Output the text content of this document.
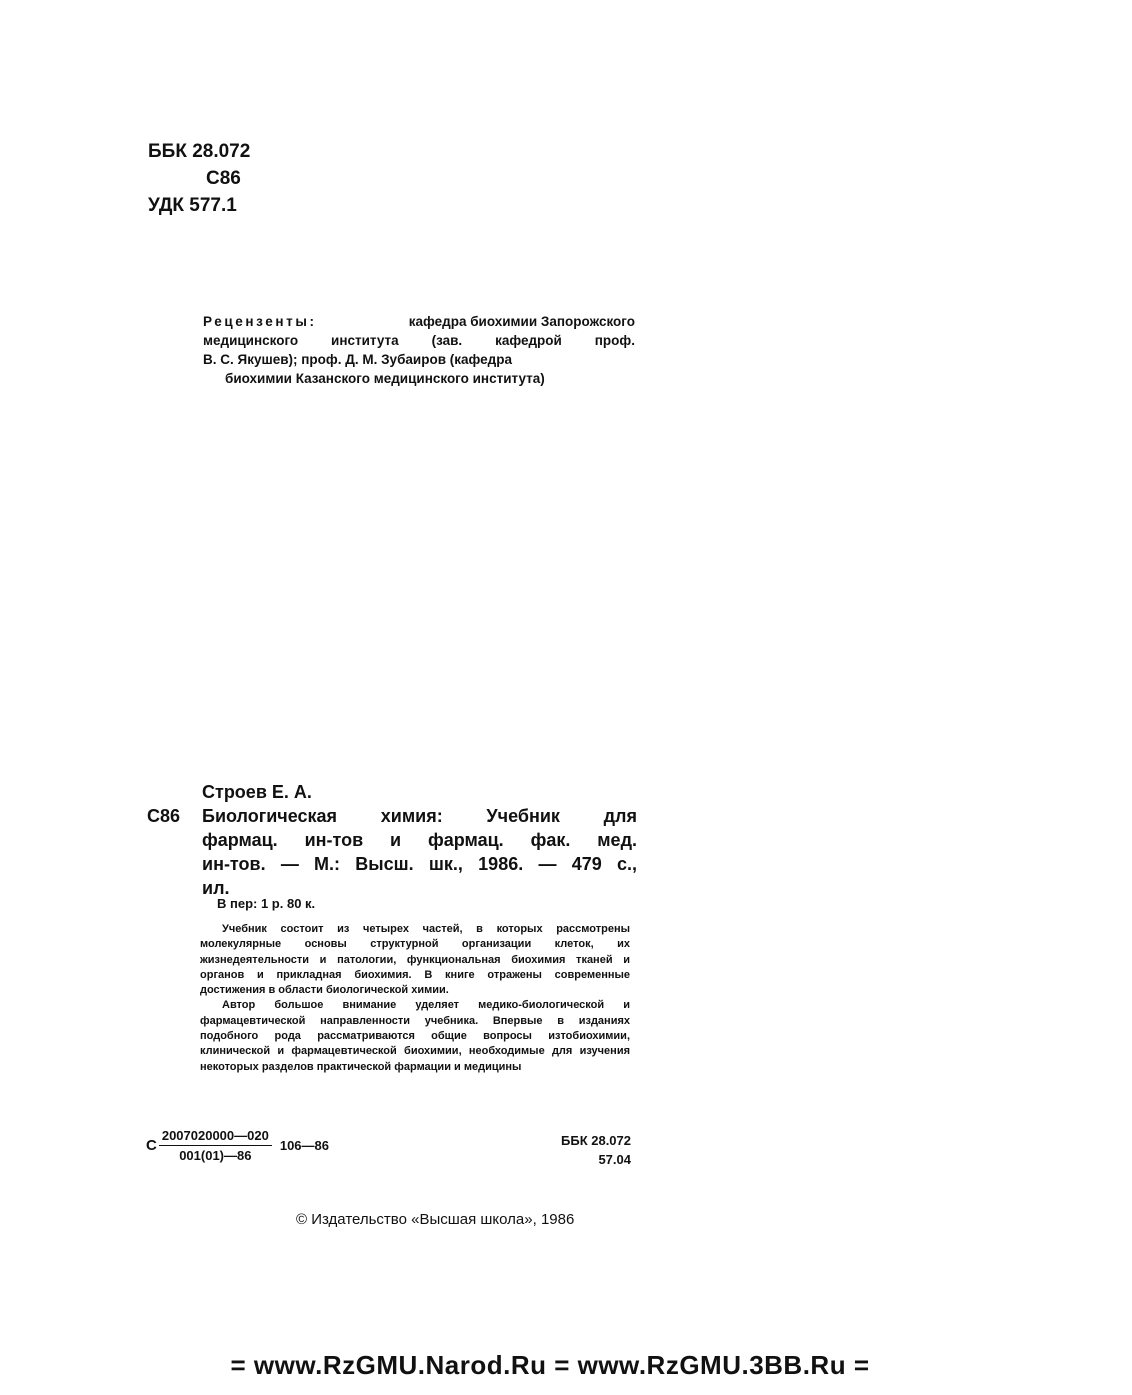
ББК 28.072
С86
УДК 577.1
Рецензенты:	кафедра биохимии Запорожского
медицинского института (зав. кафедрой проф.
В. С. Якушев); проф. Д. М. Зубаиров (кафедра
биохимии Казанского медицинского института)
Строев Е. А.
С86	Биологическая химия: Учебник для
фармац. ин-тов и фармац. фак. мед.
ин-тов. — М.: Высш. шк., 1986. — 479 с.,
ил.
В пер: 1 р. 80 к.

Учебник состоит из четырех частей, в которых рассмотрены молекулярные основы структурной организации клеток, их жизнедеятельности и патологии, функциональная биохимия тканей и органов и прикладная биохимия. В книге отражены современные достижения в области биологической химии.

Автор большое внимание уделяет медико-биологической и фармацевтической направленности учебника. Впервые в изданиях подобного рода рассматриваются общие вопросы изтобиохимии, клинической и фармацевтической биохимии, необходимые для изучения некоторых разделов практической фармации и медицины

С $\frac{2007020000—020}{001(01)—86}$ 106—86	ББК 28.072
57.04
© Издательство «Высшая школа», 1986
= www.RzGMU.Narod.Ru = www.RzGMU.3BB.Ru =
